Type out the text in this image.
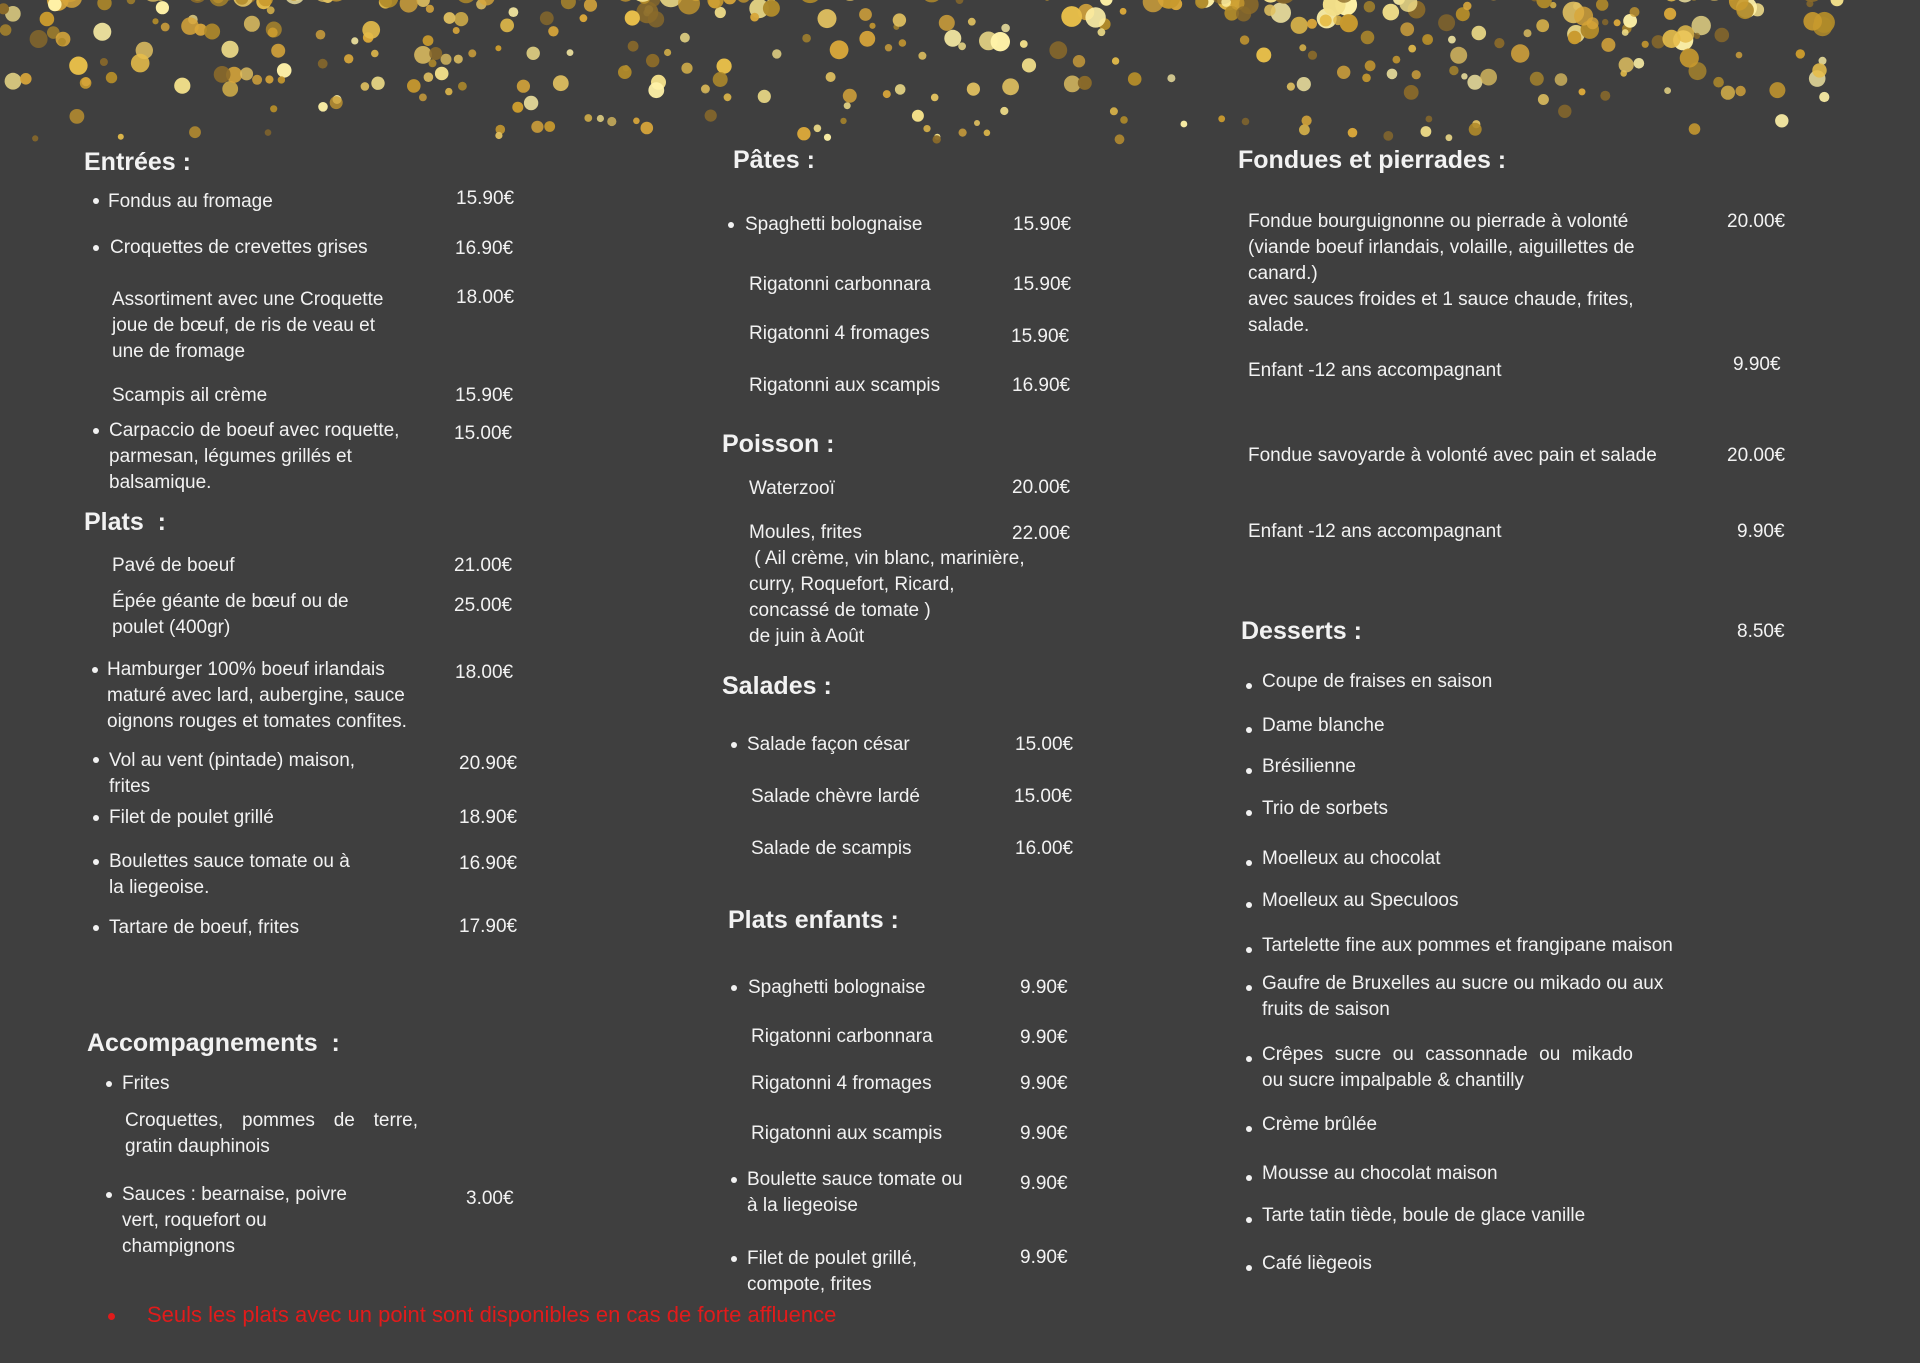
Entrées :
Fondus au fromage	15.90€
Croquettes de crevettes grises	16.90€
Assortiment avec une Croquette
joue de bœuf, de ris de veau et
une de fromage
18.00€
Scampis ail crème	15.90€
Carpaccio de boeuf avec roquette,
parmesan, légumes grillés et
balsamique.
15.00€
Plats  :
Pavé de boeuf	21.00€
Épée géante de bœuf ou de
poulet (400gr)
25.00€
Hamburger 100% boeuf irlandais
maturé avec lard, aubergine, sauce
oignons rouges et tomates confites.
18.00€
Vol au vent (pintade) maison,
frites
20.90€
Filet de poulet grillé	18.90€
Boulettes sauce tomate ou à
la liegeoise.
16.90€
Tartare de boeuf, frites	17.90€
Accompagnements  :
Frites
Croquettes, pommes de terre,
gratin dauphinois
Sauces : bearnaise, poivre
vert, roquefort ou
champignons
3.00€
Seuls les plats avec un point sont disponibles en cas de forte affluence
Pâtes :
Spaghetti bolognaise	15.90€
Rigatonni carbonnara	15.90€
Rigatonni 4 fromages	15.90€
Rigatonni aux scampis	16.90€
Poisson :
Waterzooï	20.00€
Moules, frites
( Ail crème, vin blanc, marinière,
curry, Roquefort, Ricard,
concassé de tomate )
de juin à Août
22.00€
Salades :
Salade façon césar	15.00€
Salade chèvre lardé	15.00€
Salade de scampis	16.00€
Plats enfants :
Spaghetti bolognaise	9.90€
Rigatonni carbonnara	9.90€
Rigatonni 4 fromages	9.90€
Rigatonni aux scampis	9.90€
Boulette sauce tomate ou
à la liegeoise
9.90€
Filet de poulet grillé,
compote, frites
9.90€
Fondues et pierrades :
Fondue bourguignonne ou pierrade à volonté
(viande boeuf irlandais, volaille, aiguillettes de
canard.)
avec sauces froides et 1 sauce chaude, frites,
salade.
20.00€
Enfant -12 ans accompagnant	9.90€
Fondue savoyarde à volonté avec pain et salade	20.00€
Enfant -12 ans accompagnant	9.90€
Desserts :	8.50€
Coupe de fraises en saison
Dame blanche
Brésilienne
Trio de sorbets
Moelleux au chocolat
Moelleux au Speculoos
Tartelette fine aux pommes et frangipane maison
Gaufre de Bruxelles au sucre ou mikado ou aux
fruits de saison
Crêpes sucre ou cassonnade ou mikado
ou sucre impalpable & chantilly
Crème brûlée
Mousse au chocolat maison
Tarte tatin tiède, boule de glace vanille
Café liègeois
